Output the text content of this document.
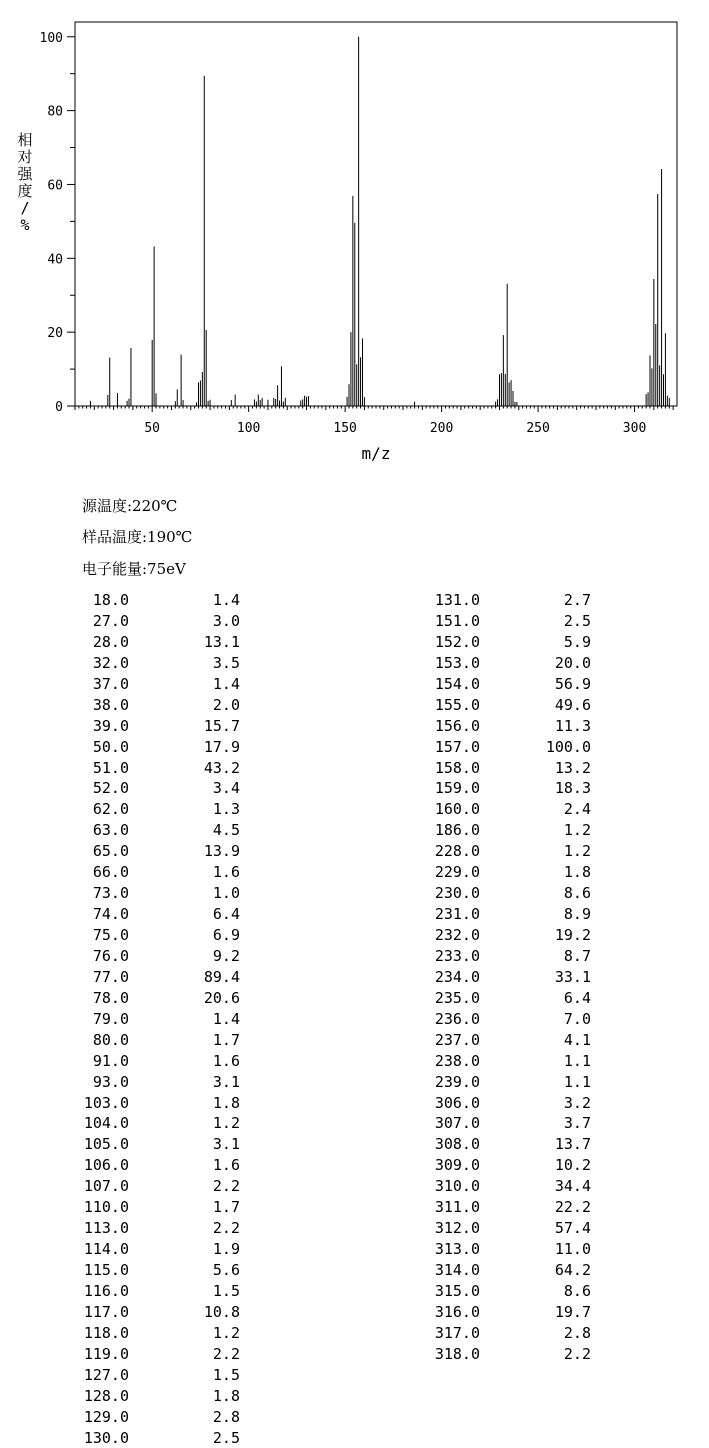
50	100	150	200	250	300
0
20
40
60
80
100
m/z
相对强度/ %
源温度:220℃
样品温度:190℃
电子能量:75eV
18.0	1.4
27.0	3.0
28.0	13.1
32.0	3.5
37.0	1.4
38.0	2.0
39.0	15.7
50.0	17.9
51.0	43.2
52.0	3.4
62.0	1.3
63.0	4.5
65.0	13.9
66.0	1.6
73.0	1.0
74.0	6.4
75.0	6.9
76.0	9.2
77.0	89.4
78.0	20.6
79.0	1.4
80.0	1.7
91.0	1.6
93.0	3.1
103.0	1.8
104.0	1.2
105.0	3.1
106.0	1.6
107.0	2.2
110.0	1.7
113.0	2.2
114.0	1.9
115.0	5.6
116.0	1.5
117.0	10.8
118.0	1.2
119.0	2.2
127.0	1.5
128.0	1.8
129.0	2.8
130.0	2.5
131.0	2.7
151.0	2.5
152.0	5.9
153.0	20.0
154.0	56.9
155.0	49.6
156.0	11.3
157.0	100.0
158.0	13.2
159.0	18.3
160.0	2.4
186.0	1.2
228.0	1.2
229.0	1.8
230.0	8.6
231.0	8.9
232.0	19.2
233.0	8.7
234.0	33.1
235.0	6.4
236.0	7.0
237.0	4.1
238.0	1.1
239.0	1.1
306.0	3.2
307.0	3.7
308.0	13.7
309.0	10.2
310.0	34.4
311.0	22.2
312.0	57.4
313.0	11.0
314.0	64.2
315.0	8.6
316.0	19.7
317.0	2.8
318.0	2.2
